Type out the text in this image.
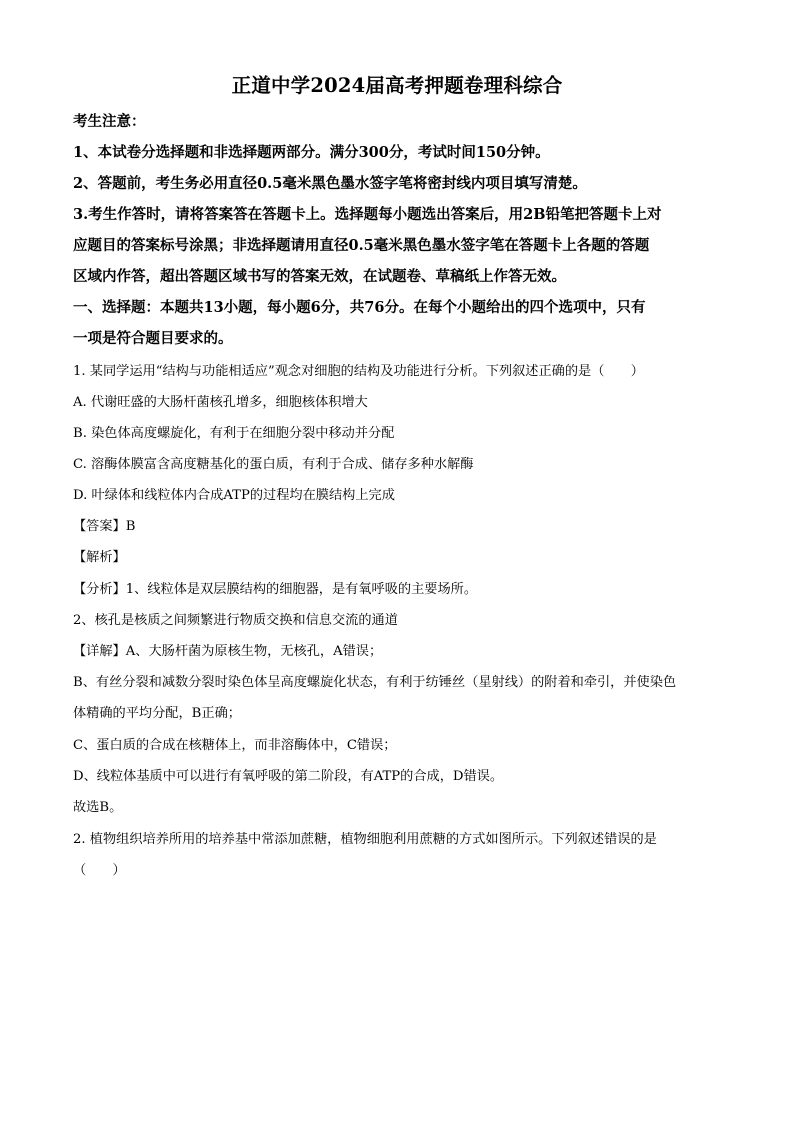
正道中学2024届高考押题卷理科综合

考生注意：

1、本试卷分选择题和非选择题两部分。满分300分，考试时间150分钟。

2、答题前，考生务必用直径0.5毫米黑色墨水签字笔将密封线内项目填写清楚。

3.考生作答时，请将答案答在答题卡上。选择题每小题选出答案后，用2B铅笔把答题卡上对

应题目的答案标号涂黑；非选择题请用直径0.5毫米黑色墨水签字笔在答题卡上各题的答题

区域内作答，超出答题区域书写的答案无效，在试题卷、草稿纸上作答无效。

一、选择题：本题共13小题，每小题6分，共76分。在每个小题给出的四个选项中，只有

一项是符合题目要求的。

1. 某同学运用“结构与功能相适应”观念对细胞的结构及功能进行分析。下列叙述正确的是（　　）

A. 代谢旺盛的大肠杆菌核孔增多，细胞核体积增大

B. 染色体高度螺旋化，有利于在细胞分裂中移动并分配

C. 溶酶体膜富含高度糖基化的蛋白质，有利于合成、储存多种水解酶

D. 叶绿体和线粒体内合成ATP的过程均在膜结构上完成

【答案】B

【解析】

【分析】1、线粒体是双层膜结构的细胞器，是有氧呼吸的主要场所。

2、核孔是核质之间频繁进行物质交换和信息交流的通道

【详解】A、大肠杆菌为原核生物，无核孔，A错误；

B、有丝分裂和减数分裂时染色体呈高度螺旋化状态，有利于纺锤丝（星射线）的附着和牵引，并使染色

体精确的平均分配，B正确；

C、蛋白质的合成在核糖体上，而非溶酶体中，C错误；

D、线粒体基质中可以进行有氧呼吸的第二阶段，有ATP的合成，D错误。

故选B。

2. 植物组织培养所用的培养基中常添加蔗糖，植物细胞利用蔗糖的方式如图所示。下列叙述错误的是

（　　）
